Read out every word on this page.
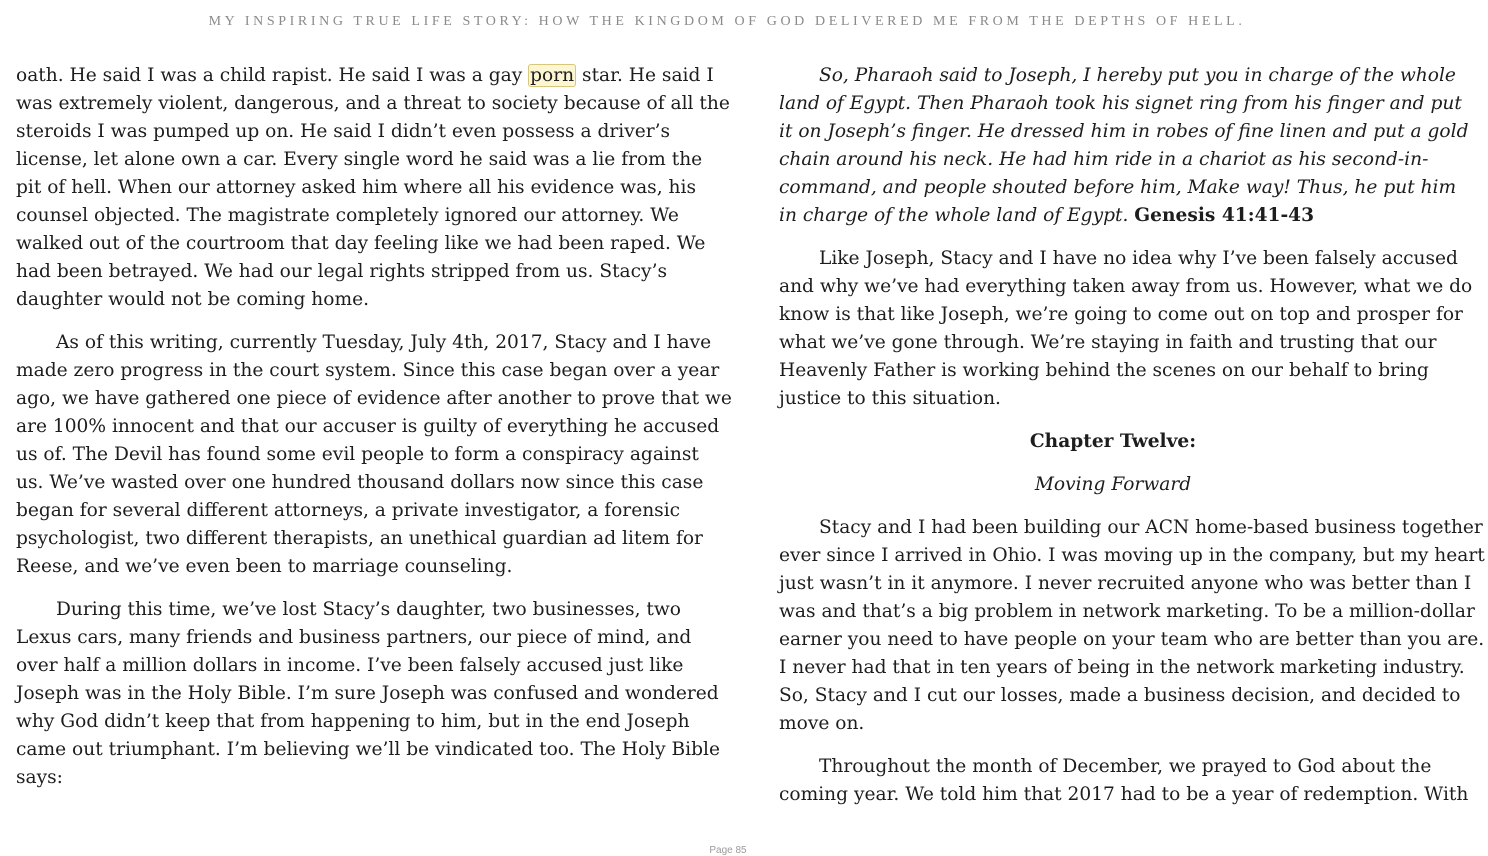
MY INSPIRING TRUE LIFE STORY: HOW THE KINGDOM OF GOD DELIVERED ME FROM THE DEPTHS OF HELL.
oath. He said I was a child rapist. He said I was a gay porn star. He said I
was extremely violent, dangerous, and a threat to society because of all the
steroids I was pumped up on. He said I didn’t even possess a driver’s
license, let alone own a car. Every single word he said was a lie from the
pit of hell. When our attorney asked him where all his evidence was, his
counsel objected. The magistrate completely ignored our attorney. We
walked out of the courtroom that day feeling like we had been raped. We
had been betrayed. We had our legal rights stripped from us. Stacy’s
daughter would not be coming home.
As of this writing, currently Tuesday, July 4th, 2017, Stacy and I have
made zero progress in the court system. Since this case began over a year
ago, we have gathered one piece of evidence after another to prove that we
are 100% innocent and that our accuser is guilty of everything he accused
us of. The Devil has found some evil people to form a conspiracy against
us. We’ve wasted over one hundred thousand dollars now since this case
began for several different attorneys, a private investigator, a forensic
psychologist, two different therapists, an unethical guardian ad litem for
Reese, and we’ve even been to marriage counseling.
During this time, we’ve lost Stacy’s daughter, two businesses, two
Lexus cars, many friends and business partners, our piece of mind, and
over half a million dollars in income. I’ve been falsely accused just like
Joseph was in the Holy Bible. I’m sure Joseph was confused and wondered
why God didn’t keep that from happening to him, but in the end Joseph
came out triumphant. I’m believing we’ll be vindicated too. The Holy Bible
says:
So, Pharaoh said to Joseph, I hereby put you in charge of the whole
land of Egypt. Then Pharaoh took his signet ring from his finger and put
it on Joseph’s finger. He dressed him in robes of fine linen and put a gold
chain around his neck. He had him ride in a chariot as his second-in-
command, and people shouted before him, Make way! Thus, he put him
in charge of the whole land of Egypt. Genesis 41:41-43
Like Joseph, Stacy and I have no idea why I’ve been falsely accused
and why we’ve had everything taken away from us. However, what we do
know is that like Joseph, we’re going to come out on top and prosper for
what we’ve gone through. We’re staying in faith and trusting that our
Heavenly Father is working behind the scenes on our behalf to bring
justice to this situation.
Chapter Twelve:
Moving Forward
Stacy and I had been building our ACN home-based business together
ever since I arrived in Ohio. I was moving up in the company, but my heart
just wasn’t in it anymore. I never recruited anyone who was better than I
was and that’s a big problem in network marketing. To be a million-dollar
earner you need to have people on your team who are better than you are.
I never had that in ten years of being in the network marketing industry.
So, Stacy and I cut our losses, made a business decision, and decided to
move on.
Throughout the month of December, we prayed to God about the
coming year. We told him that 2017 had to be a year of redemption. With
Page 85
